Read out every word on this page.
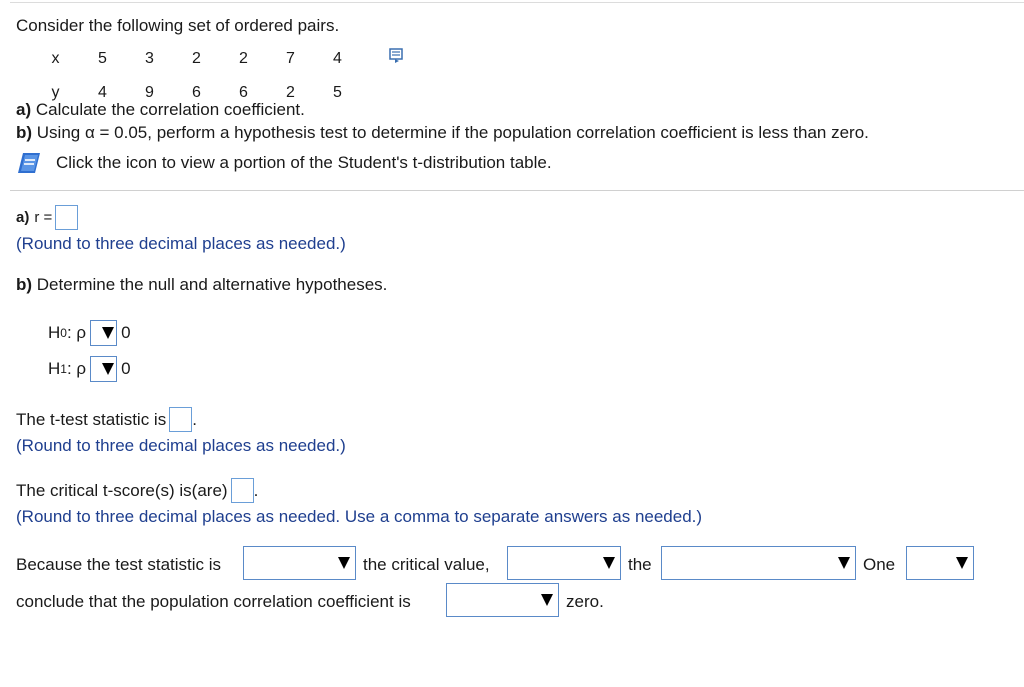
Consider the following set of ordered pairs.
x	5	3	2	2	7	4
y	4	9	6	6	2	5
a) Calculate the correlation coefficient.
b) Using α = 0.05, perform a hypothesis test to determine if the population correlation coefficient is less than zero.
Click the icon to view a portion of the Student's t-distribution table.
a) r =
(Round to three decimal places as needed.)
b) Determine the null and alternative hypotheses.
H 0 : ρ 0
H 1 : ρ 0
The t-test statistic is .
(Round to three decimal places as needed.)
The critical t-score(s) is(are) .
(Round to three decimal places as needed. Use a comma to separate answers as needed.)
Because the test statistic is	the critical value,	the	One
conclude that the population correlation coefficient is	zero.
